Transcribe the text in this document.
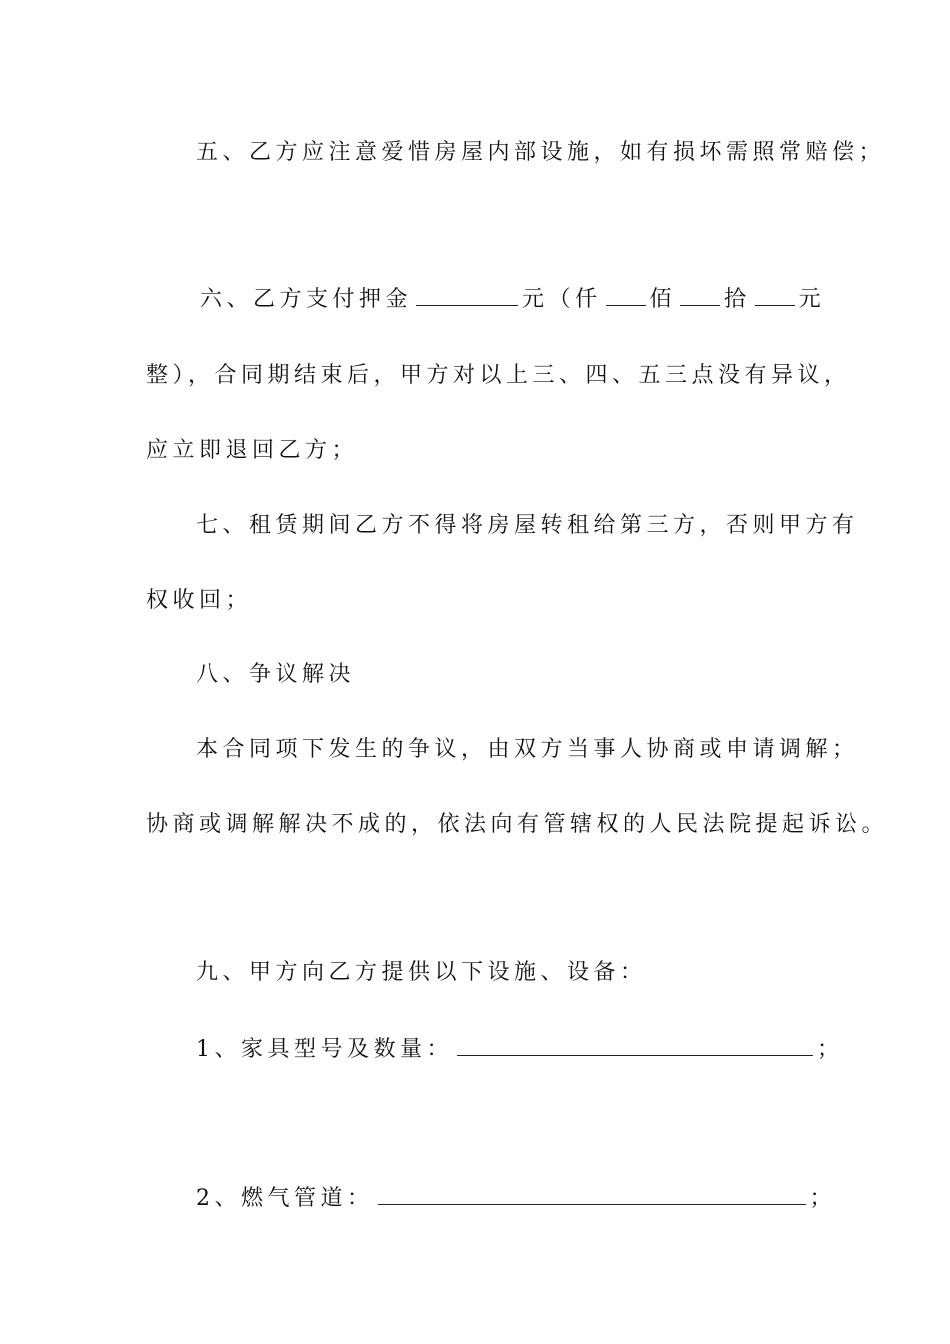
五、乙方应注意爱惜房屋内部设施，如有损坏需照常赔偿；
六、乙方支付押金	元（仟 佰 拾 元
整），合同期结束后，甲方对以上三、四、五三点没有异议，
应立即退回乙方；
七、租赁期间乙方不得将房屋转租给第三方，否则甲方有
权收回；
八、争议解决
本合同项下发生的争议，由双方当事人协商或申请调解；
协商或调解解决不成的，依法向有管辖权的人民法院提起诉讼。
九、甲方向乙方提供以下设施、设备：
1、家具型号及数量：	；
2、燃气管道：	；
